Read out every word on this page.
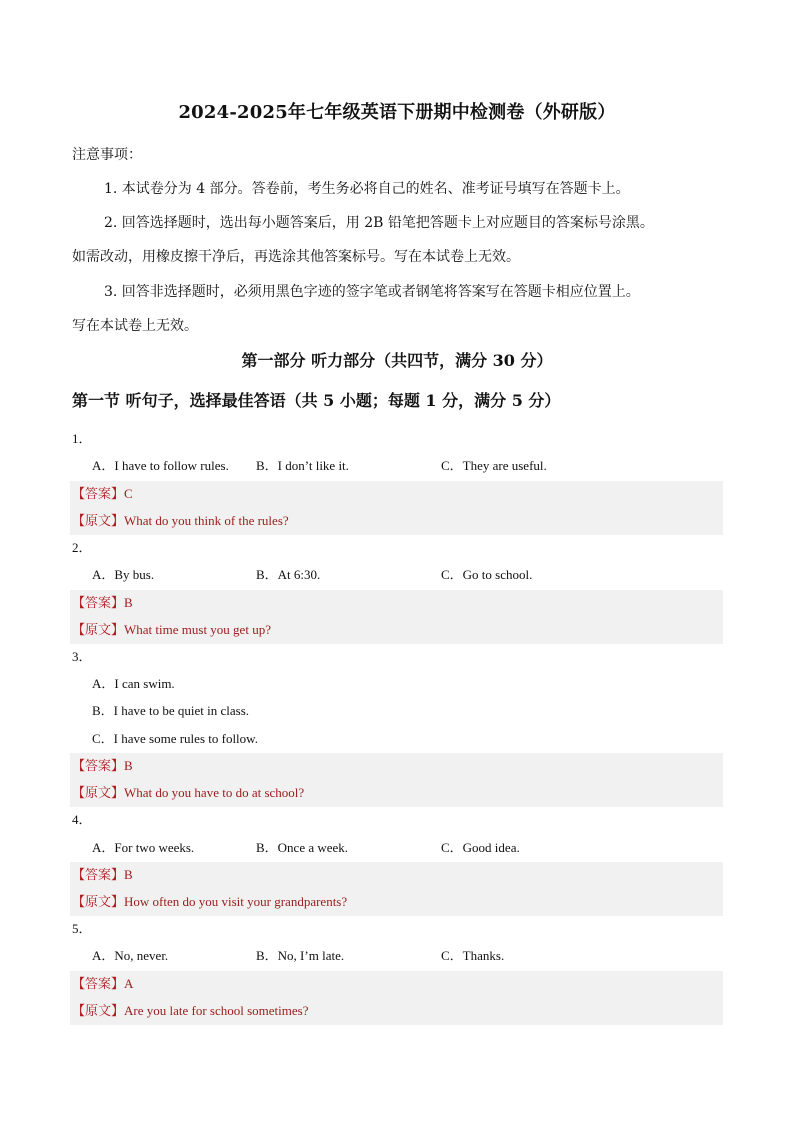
2024-2025年七年级英语下册期中检测卷（外研版）
注意事项：
1. 本试卷分为 4 部分。答卷前，考生务必将自己的姓名、准考证号填写在答题卡上。
2. 回答选择题时，选出每小题答案后，用 2B 铅笔把答题卡上对应题目的答案标号涂黑。
如需改动，用橡皮擦干净后，再选涂其他答案标号。写在本试卷上无效。
3. 回答非选择题时，必须用黑色字迹的签字笔或者钢笔将答案写在答题卡相应位置上。
写在本试卷上无效。
第一部分 听力部分（共四节，满分 30 分）
第一节 听句子，选择最佳答语（共 5 小题；每题 1 分，满分 5 分）
1．
A．I have to follow rules. B．I don’t like it.	C．They are useful.
【答案】C
【原文】What do you think of the rules?
2．
A．By bus.	B．At 6:30.	C．Go to school.
【答案】B
【原文】What time must you get up?
3．
A．I can swim.
B．I have to be quiet in class.
C．I have some rules to follow.
【答案】B
【原文】What do you have to do at school?
4．
A．For two weeks.	B．Once a week.	C．Good idea.
【答案】B
【原文】How often do you visit your grandparents?
5．
A．No, never.	B．No, I’m late.	C．Thanks.
【答案】A
【原文】Are you late for school sometimes?
